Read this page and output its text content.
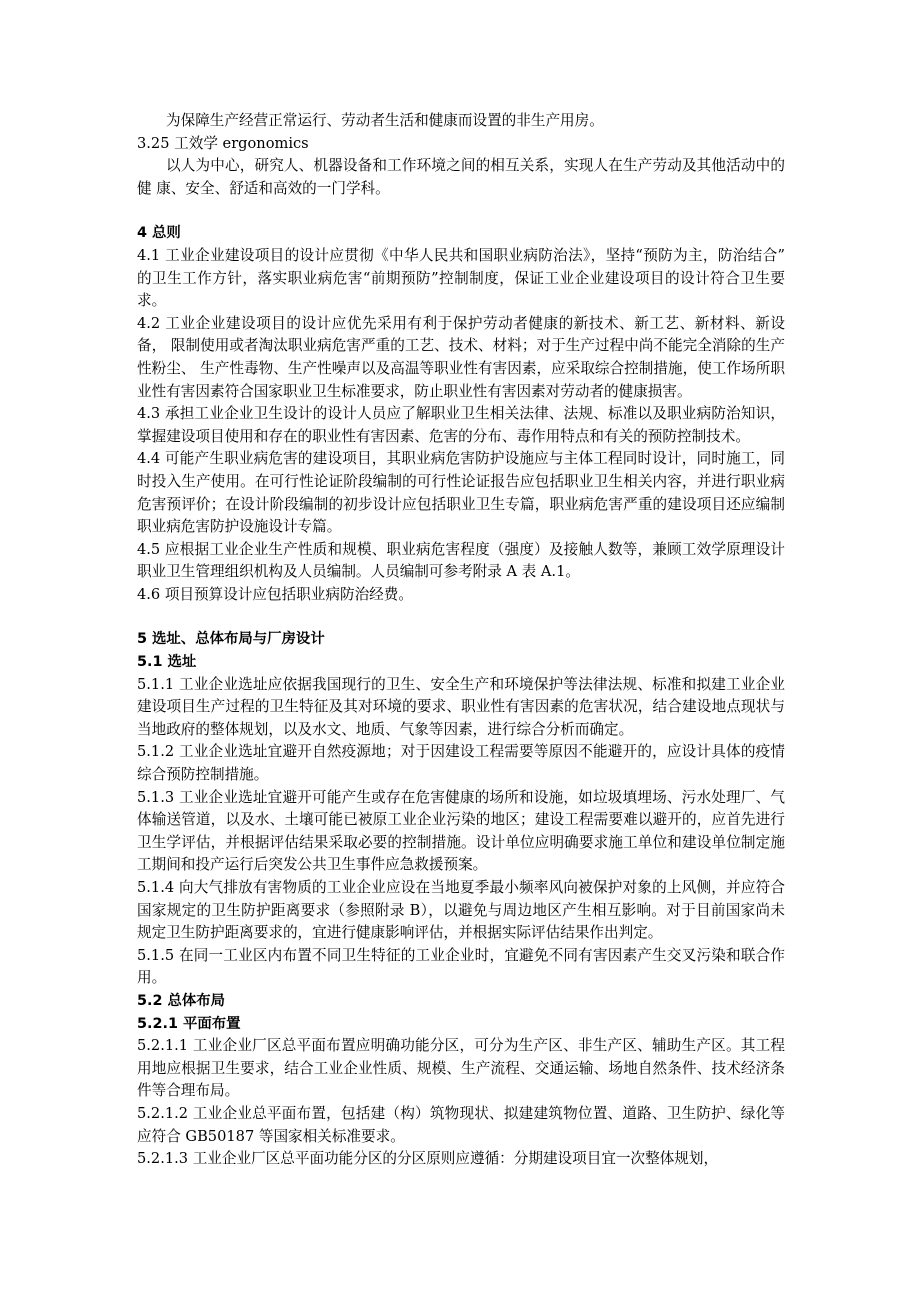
为保障生产经营正常运行、劳动者生活和健康而设置的非生产用房。

3.25 工效学 ergonomics

以人为中心，研究人、机器设备和工作环境之间的相互关系，实现人在生产劳动及其他活动中的健 康、安全、舒适和高效的一门学科。

4 总则

4.1 工业企业建设项目的设计应贯彻《中华人民共和国职业病防治法》，坚持“预防为主，防治结合” 的卫生工作方针，落实职业病危害“前期预防”控制制度，保证工业企业建设项目的设计符合卫生要求。

4.2 工业企业建设项目的设计应优先采用有利于保护劳动者健康的新技术、新工艺、新材料、新设备， 限制使用或者淘汰职业病危害严重的工艺、技术、材料；对于生产过程中尚不能完全消除的生产性粉尘、 生产性毒物、生产性噪声以及高温等职业性有害因素，应采取综合控制措施，使工作场所职业性有害因素符合国家职业卫生标准要求，防止职业性有害因素对劳动者的健康损害。

4.3 承担工业企业卫生设计的设计人员应了解职业卫生相关法律、法规、标准以及职业病防治知识，掌握建设项目使用和存在的职业性有害因素、危害的分布、毒作用特点和有关的预防控制技术。

4.4 可能产生职业病危害的建设项目，其职业病危害防护设施应与主体工程同时设计，同时施工，同时投入生产使用。在可行性论证阶段编制的可行性论证报告应包括职业卫生相关内容，并进行职业病危害预评价；在设计阶段编制的初步设计应包括职业卫生专篇，职业病危害严重的建设项目还应编制职业病危害防护设施设计专篇。

4.5 应根据工业企业生产性质和规模、职业病危害程度（强度）及接触人数等，兼顾工效学原理设计职业卫生管理组织机构及人员编制。人员编制可参考附录 A 表 A.1。

4.6 项目预算设计应包括职业病防治经费。

5 选址、总体布局与厂房设计
5.1 选址

5.1.1 工业企业选址应依据我国现行的卫生、安全生产和环境保护等法律法规、标准和拟建工业企业建设项目生产过程的卫生特征及其对环境的要求、职业性有害因素的危害状况，结合建设地点现状与当地政府的整体规划，以及水文、地质、气象等因素，进行综合分析而确定。

5.1.2 工业企业选址宜避开自然疫源地；对于因建设工程需要等原因不能避开的，应设计具体的疫情综合预防控制措施。

5.1.3 工业企业选址宜避开可能产生或存在危害健康的场所和设施，如垃圾填埋场、污水处理厂、气体输送管道，以及水、土壤可能已被原工业企业污染的地区；建设工程需要难以避开的，应首先进行卫生学评估，并根据评估结果采取必要的控制措施。设计单位应明确要求施工单位和建设单位制定施工期间和投产运行后突发公共卫生事件应急救援预案。

5.1.4 向大气排放有害物质的工业企业应设在当地夏季最小频率风向被保护对象的上风侧，并应符合国家规定的卫生防护距离要求（参照附录 B），以避免与周边地区产生相互影响。对于目前国家尚未规定卫生防护距离要求的，宜进行健康影响评估，并根据实际评估结果作出判定。

5.1.5 在同一工业区内布置不同卫生特征的工业企业时，宜避免不同有害因素产生交叉污染和联合作用。

5.2 总体布局
5.2.1 平面布置

5.2.1.1 工业企业厂区总平面布置应明确功能分区，可分为生产区、非生产区、辅助生产区。其工程用地应根据卫生要求，结合工业企业性质、规模、生产流程、交通运输、场地自然条件、技术经济条件等合理布局。

5.2.1.2 工业企业总平面布置，包括建（构）筑物现状、拟建建筑物位置、道路、卫生防护、绿化等应符合 GB50187 等国家相关标准要求。

5.2.1.3 工业企业厂区总平面功能分区的分区原则应遵循：分期建设项目宜一次整体规划，
